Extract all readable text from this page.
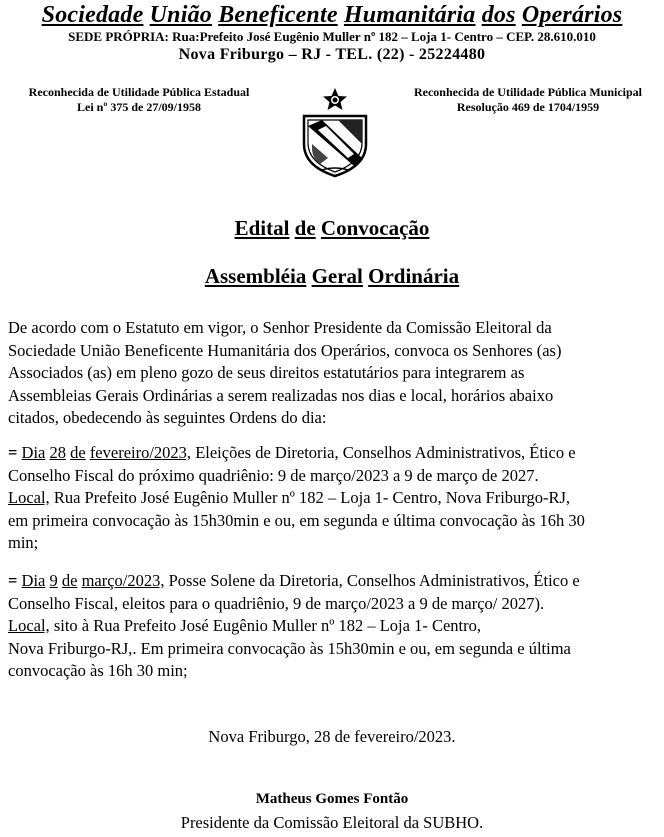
Sociedade União Beneficente Humanitária dos Operários
SEDE PRÓPRIA: Rua:Prefeito José Eugênio Muller nº 182 – Loja 1- Centro – CEP. 28.610.010
Nova Friburgo – RJ - TEL. (22) - 25224480
Reconhecida de Utilidade Pública Estadual
Lei nº 375 de 27/09/1958
Reconhecida de Utilidade Pública Municipal
Resolução 469 de 1704/1959
Edital de Convocação
Assembléia Geral Ordinária
De acordo com o Estatuto em vigor, o Senhor Presidente da Comissão Eleitoral da
Sociedade União Beneficente Humanitária dos Operários, convoca os Senhores (as)
Associados (as) em pleno gozo de seus direitos estatutários para integrarem as
Assembleias Gerais Ordinárias a serem realizadas nos dias e local, horários abaixo
citados, obedecendo às seguintes Ordens do dia:
= Dia 28 de fevereiro/2023, Eleições de Diretoria, Conselhos Administrativos, Ético e
Conselho Fiscal do próximo quadriênio: 9 de março/2023 a 9 de março de 2027.
Local, Rua Prefeito José Eugênio Muller nº 182 – Loja 1- Centro, Nova Friburgo-RJ,
em primeira convocação às 15h30min e ou, em segunda e última convocação às 16h 30
min;
= Dia 9 de março/2023, Posse Solene da Diretoria, Conselhos Administrativos, Ético e
Conselho Fiscal, eleitos para o quadriênio, 9 de março/2023 a 9 de março/ 2027).
Local, sito à Rua Prefeito José Eugênio Muller nº 182 – Loja 1- Centro,
Nova Friburgo-RJ,. Em primeira convocação às 15h30min e ou, em segunda e última
convocação às 16h 30 min;
Nova Friburgo, 28 de fevereiro/2023.
Matheus Gomes Fontão
Presidente da Comissão Eleitoral da SUBHO.
